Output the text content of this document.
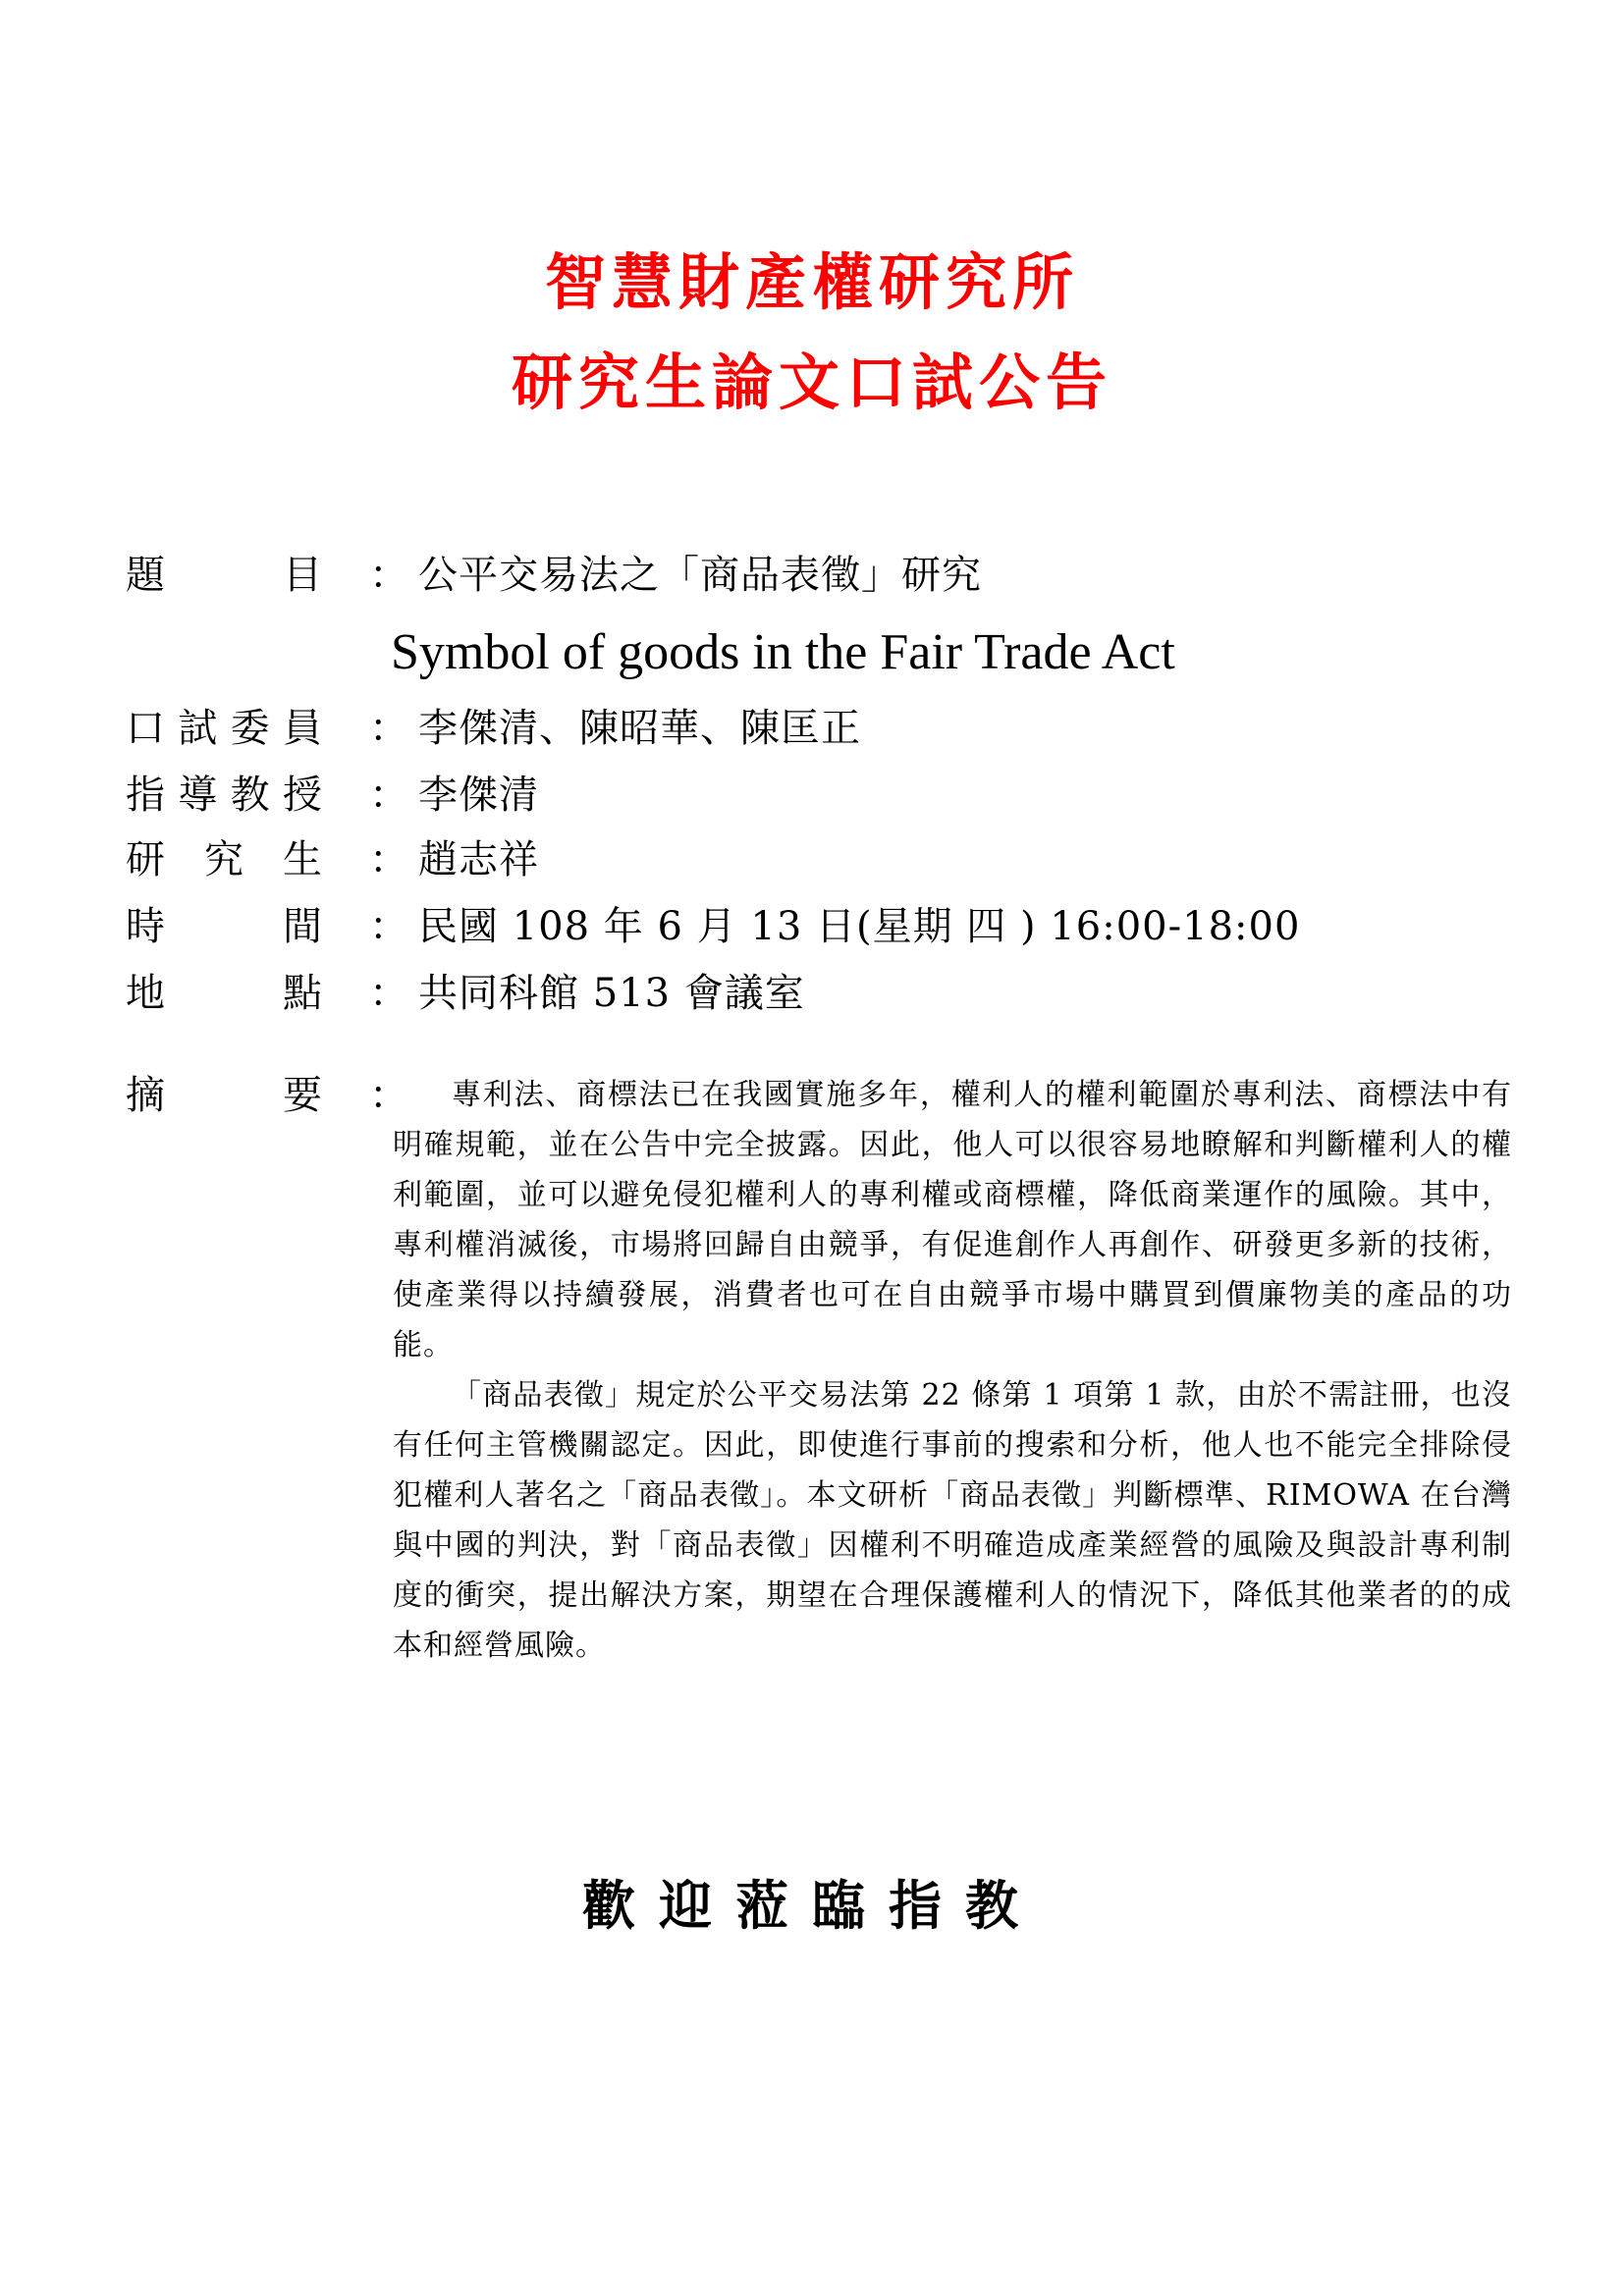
智慧財產權研究所
研究生論文口試公告
題	目 ： 公平交易法之「商品表徵」研究
Symbol of goods in the Fair Trade Act
口 試 委 員 ： 李傑清、陳昭華、陳匡正
指 導 教 授 ： 李傑清
研 究 生 ： 趙志祥
時	間 ： 民國 108 年 6 月 13 日(星期 四 ) 16:00-18:00
地	點 ： 共同科館 513 會議室
摘	要 ：	專利法、商標法已在我國實施多年，權利人的權利範圍於專利法、商標法中有明確規範，並在公告中完全披露。因此，他人可以很容易地瞭解和判斷權利人的權利範圍，並可以避免侵犯權利人的專利權或商標權，降低商業運作的風險。其中，專利權消滅後，市場將回歸自由競爭，有促進創作人再創作、研發更多新的技術，使產業得以持續發展，消費者也可在自由競爭市場中購買到價廉物美的產品的功能。

「商品表徵」規定於公平交易法第 22 條第 1 項第 1 款，由於不需註冊，也沒有任何主管機關認定。因此，即使進行事前的搜索和分析，他人也不能完全排除侵犯權利人著名之「商品表徵」。本文研析「商品表徵」判斷標準、RIMOWA 在台灣與中國的判決，對「商品表徵」因權利不明確造成產業經營的風險及與設計專利制度的衝突，提出解決方案，期望在合理保護權利人的情況下，降低其他業者的的成本和經營風險。

歡迎蒞臨指教
